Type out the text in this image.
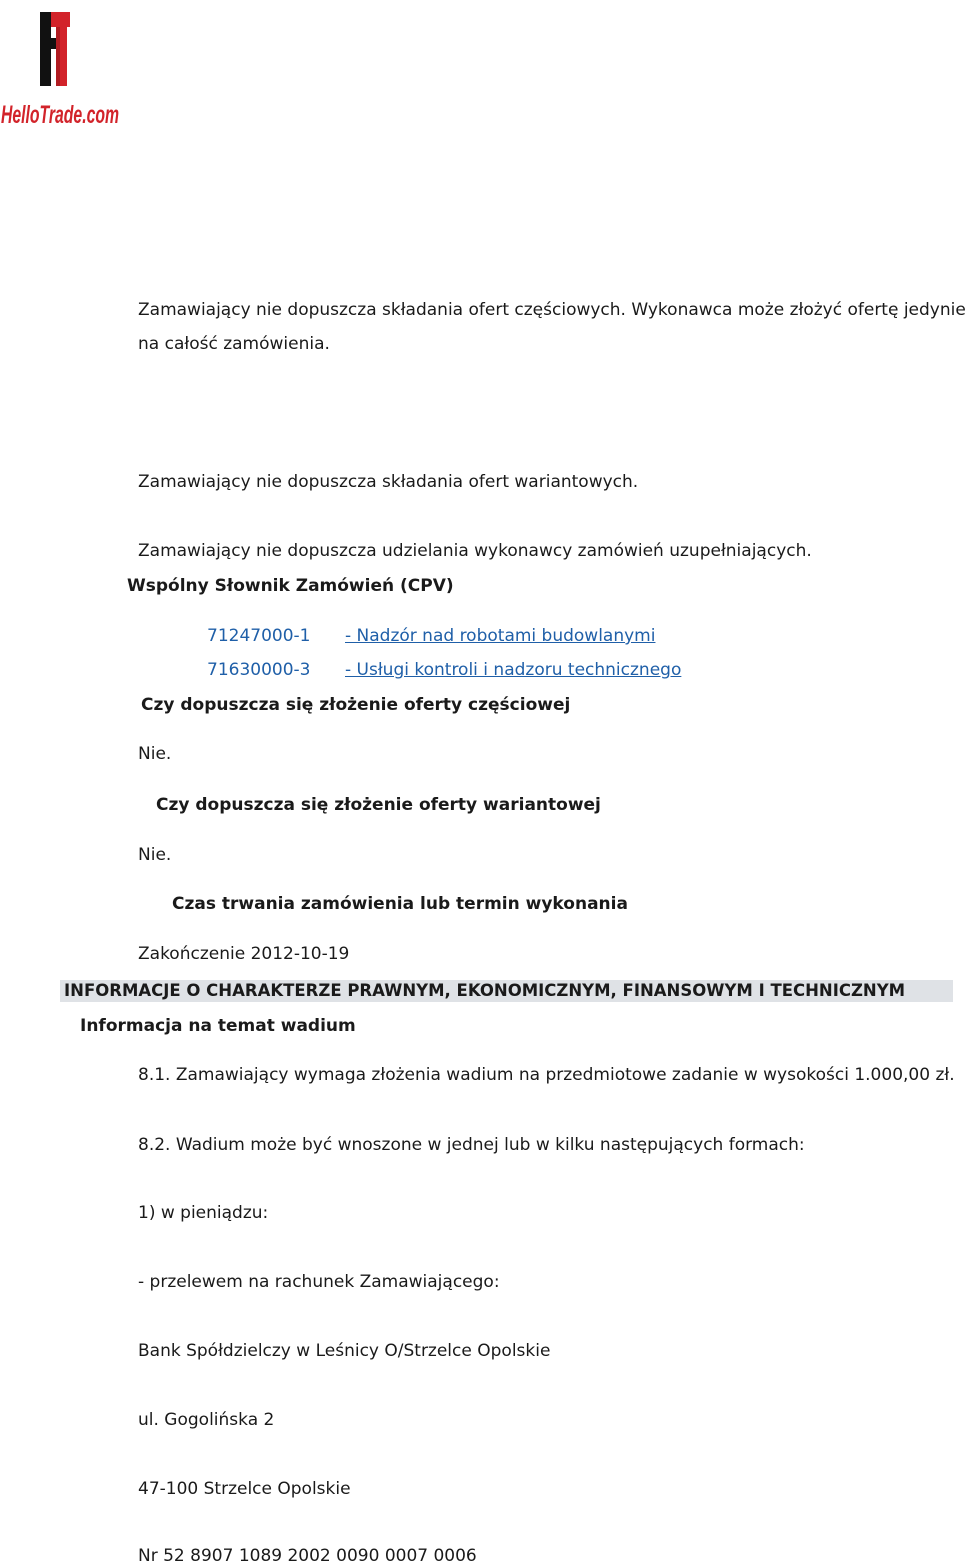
HelloTrade.com
Zamawiający nie dopuszcza składania ofert częściowych. Wykonawca może złożyć ofertę jedynie
na całość zamówienia.
Zamawiający nie dopuszcza składania ofert wariantowych.
Zamawiający nie dopuszcza udzielania wykonawcy zamówień uzupełniających.
Wspólny Słownik Zamówień (CPV)
71247000-1 - Nadzór nad robotami budowlanymi
71630000-3 - Usługi kontroli i nadzoru technicznego
Czy dopuszcza się złożenie oferty częściowej
Nie.
Czy dopuszcza się złożenie oferty wariantowej
Nie.
Czas trwania zamówienia lub termin wykonania
Zakończenie 2012-10-19
INFORMACJE O CHARAKTERZE PRAWNYM, EKONOMICZNYM, FINANSOWYM I TECHNICZNYM
Informacja na temat wadium
8.1. Zamawiający wymaga złożenia wadium na przedmiotowe zadanie w wysokości 1.000,00 zł.
8.2. Wadium może być wnoszone w jednej lub w kilku następujących formach:
1) w pieniądzu:
- przelewem na rachunek Zamawiającego:
Bank Spółdzielczy w Leśnicy O/Strzelce Opolskie
ul. Gogolińska 2
47-100 Strzelce Opolskie
Nr 52 8907 1089 2002 0090 0007 0006
